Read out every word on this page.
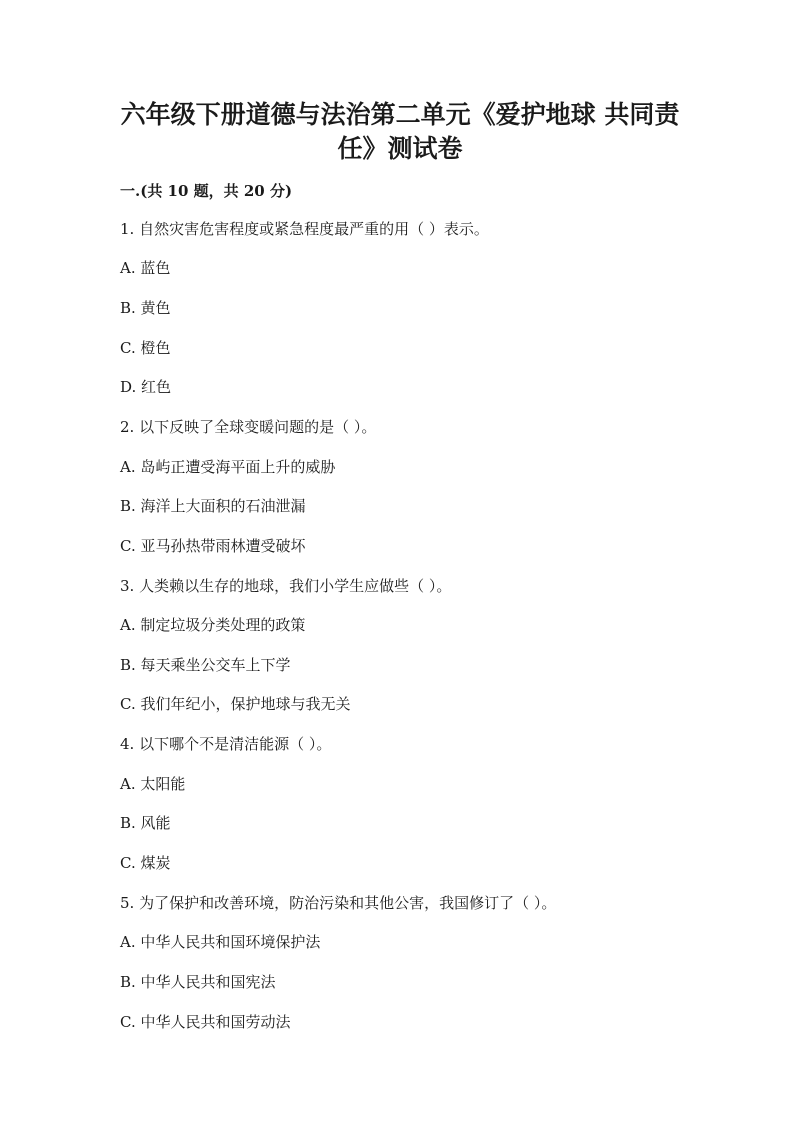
六年级下册道德与法治第二单元《爱护地球 共同责
任》测试卷

一.(共 10 题，共 20 分)

1. 自然灾害危害程度或紧急程度最严重的用（ ）表示。

A. 蓝色

B. 黄色

C. 橙色

D. 红色

2. 以下反映了全球变暖问题的是（ ）。

A. 岛屿正遭受海平面上升的威胁

B. 海洋上大面积的石油泄漏

C. 亚马孙热带雨林遭受破坏

3. 人类赖以生存的地球，我们小学生应做些（ ）。

A. 制定垃圾分类处理的政策

B. 每天乘坐公交车上下学

C. 我们年纪小，保护地球与我无关

4. 以下哪个不是清洁能源（ ）。

A. 太阳能

B. 风能

C. 煤炭

5. 为了保护和改善环境，防治污染和其他公害，我国修订了（ ）。

A. 中华人民共和国环境保护法

B. 中华人民共和国宪法

C. 中华人民共和国劳动法
